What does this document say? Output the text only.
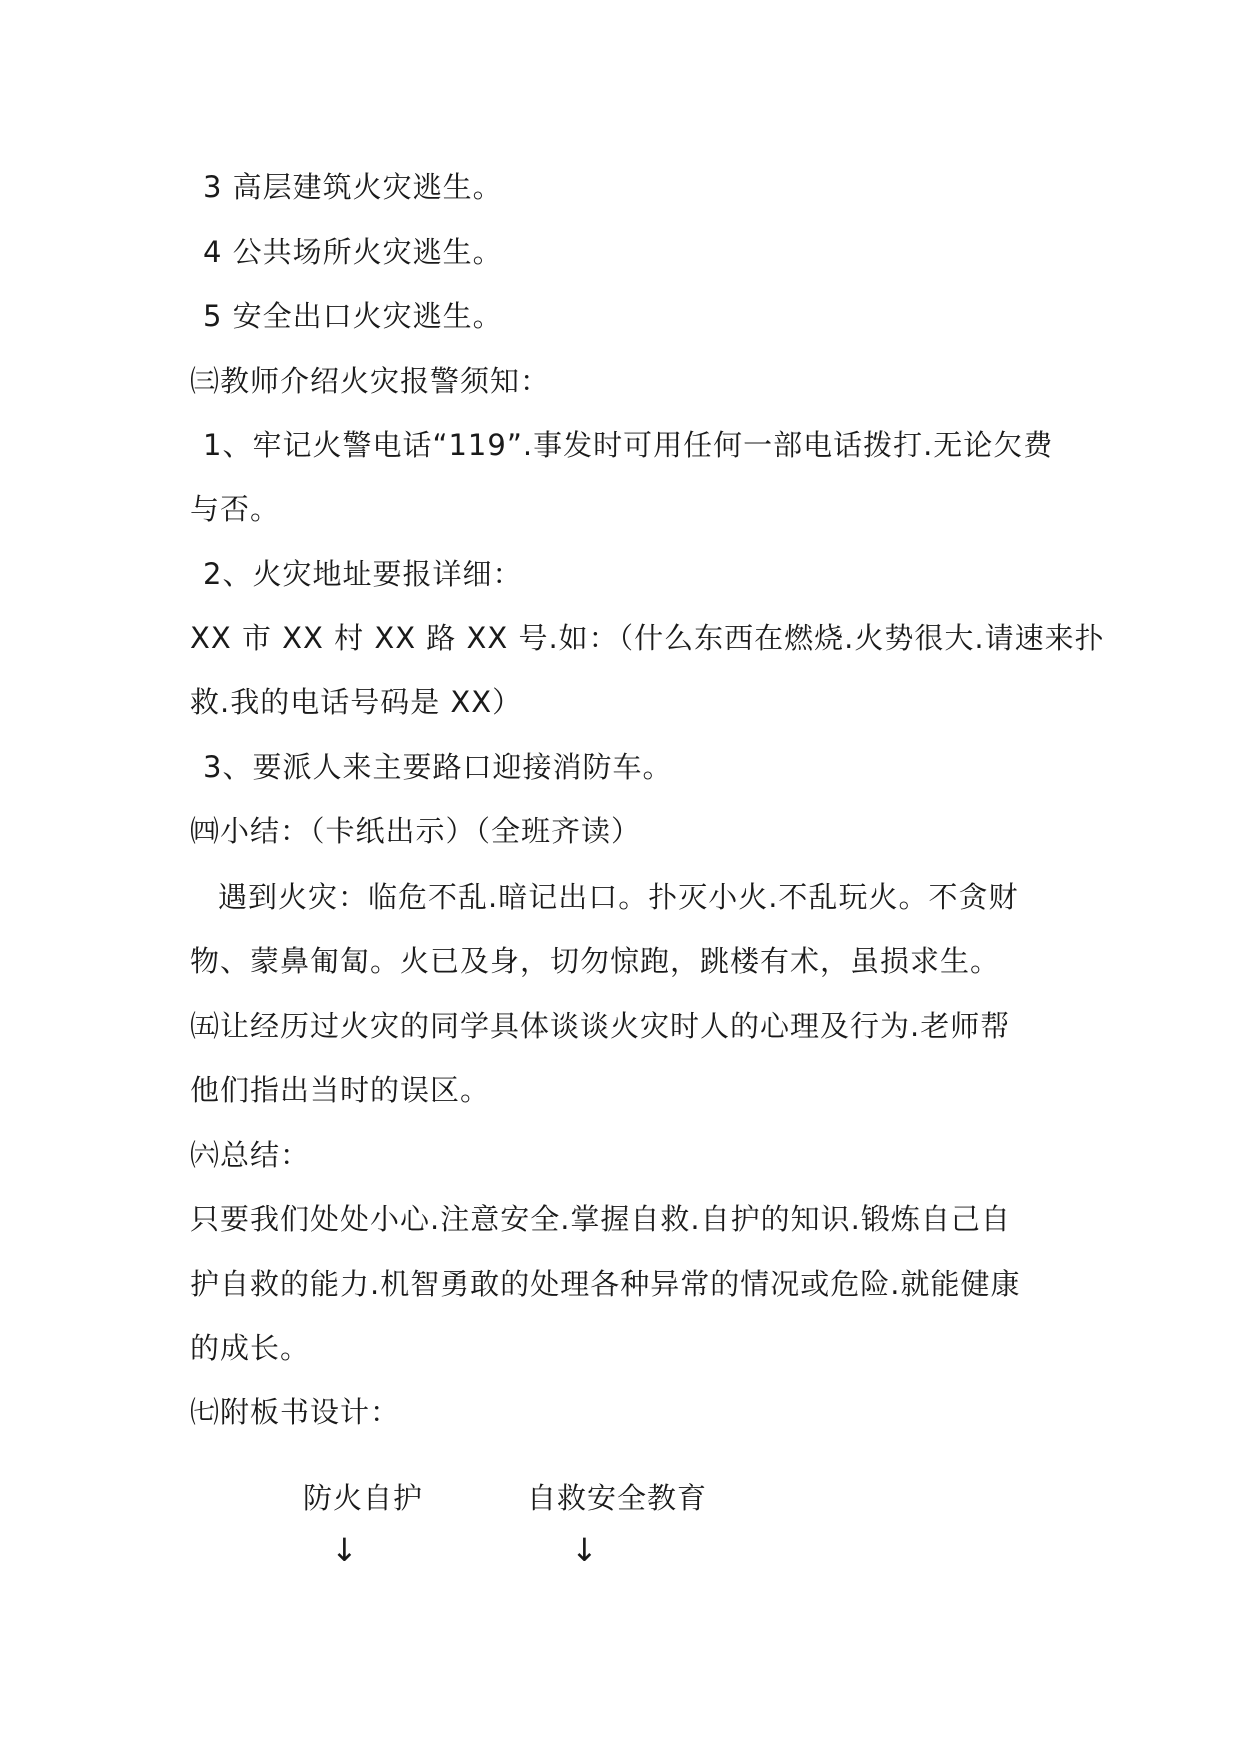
3 高层建筑火灾逃生。
4 公共场所火灾逃生。
5 安全出口火灾逃生。
㈢教师介绍火灾报警须知：
1、牢记火警电话“119”.事发时可用任何一部电话拨打.无论欠费
与否。
2、火灾地址要报详细：
XX 市 XX 村 XX 路 XX 号.如：（什么东西在燃烧.火势很大.请速来扑
救.我的电话号码是 XX）
3、要派人来主要路口迎接消防车。
㈣小结：（卡纸出示）（全班齐读）
遇到火灾：临危不乱.暗记出口。扑灭小火.不乱玩火。不贪财
物、蒙鼻匍匐。火已及身，切勿惊跑，跳楼有术，虽损求生。
㈤让经历过火灾的同学具体谈谈火灾时人的心理及行为.老师帮
他们指出当时的误区。
㈥总结：
只要我们处处小心.注意安全.掌握自救.自护的知识.锻炼自己自
护自救的能力.机智勇敢的处理各种异常的情况或危险.就能健康
的成长。
㈦附板书设计：
防火自护	自救安全教育
↓	↓
